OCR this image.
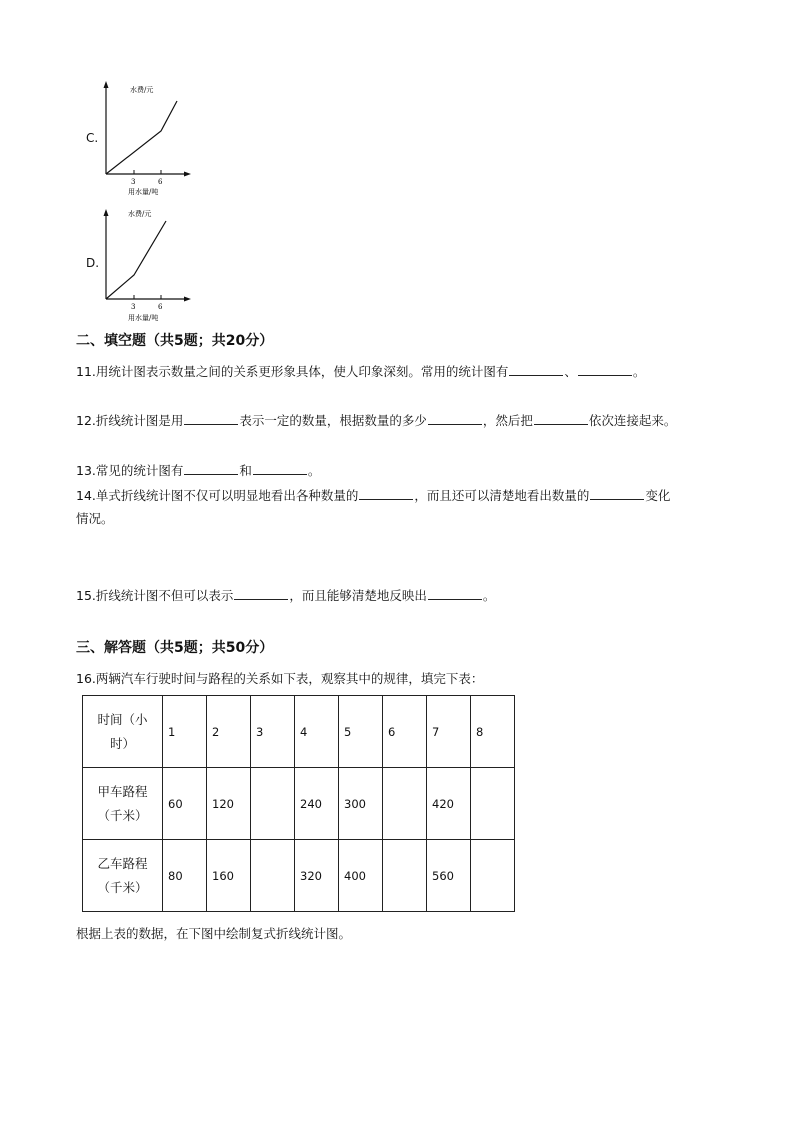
C.
3	6
水费/元
用水量/吨
D.
3	6
水费/元
用水量/吨
二、填空题（共5题；共20分）
11.用统计图表示数量之间的关系更形象具体，使人印象深刻。常用的统计图有	、	。
12.折线统计图是用	表示一定的数量，根据数量的多少	，然后把	依次连接起来。
13.常见的统计图有	和	。
14.单式折线统计图不仅可以明显地看出各种数量的	，而且还可以清楚地看出数量的	变化
情况。
15.折线统计图不但可以表示	，而且能够清楚地反映出	。
三、解答题（共5题；共50分）
16.两辆汽车行驶时间与路程的关系如下表，观察其中的规律，填完下表：
时间（小
时）	1	2	3	4	5	6	7	8
甲车路程
（千米）	60	120		240	300		420	
乙车路程
（千米）	80	160		320	400		560	
根据上表的数据，在下图中绘制复式折线统计图。
